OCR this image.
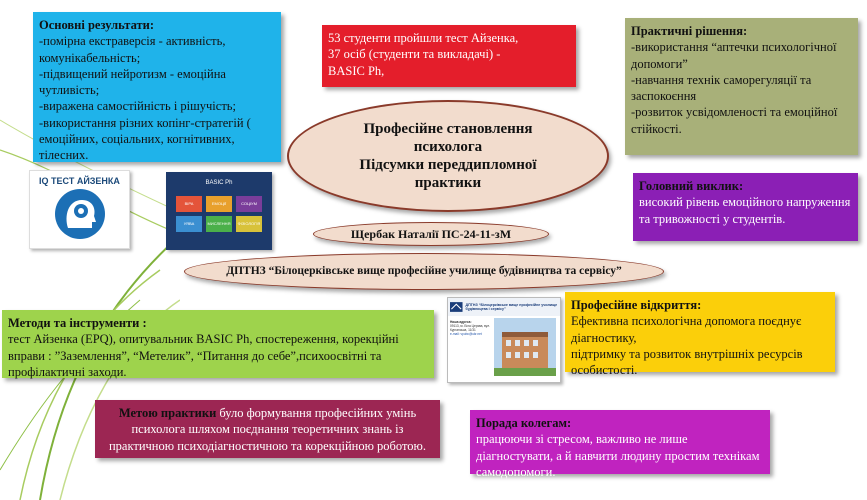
Основні результати:
-помірна екстраверсія - активність, комунікабельність;
-підвищений нейротизм - емоційна чутливість;
-виражена самостійність і рішучість;
-використання різних копінг-стратегій ( емоційних, соціальних, когнітивних, тілесних.
53 студенти пройшли тест Айзенка,
37 осіб (студенти та викладачі) -
BASIC Ph,
Практичні рішення:
-використання “аптечки психологічної допомоги”
-навчання технік саморегуляції та заспокоєння
-розвиток усвідомленості та емоційної стійкості.
Професійне становлення
психолога
Підсумки переддипломної
практики	Головний виклик:
високий рівень емоційного напруження та тривожності у студентів.
IQ ТЕСТ АЙЗЕНКА	BASIC Ph
ВІРА	ЕМОЦІЇ	СОЦІУМ
УЯВА	МИСЛЕННЯ	ФІЗІОЛОГІЯ
Щербак Наталії ПС-24-11-зМ
ДПТНЗ “Білоцерківське вище професійне училище будівництва та сервісу”
Методи та інструменти :
тест Айзенка (EPQ), опитувальник BASIC Ph, спостереження, корекційні вправи : ”Заземлення”, “Метелик”, “Питання до себе”,психоосвітні та профілактичні заходи.
ДПТНЗ “Білоцерківське вище професійне училище будівництва і сервісу”
Наша адреса:
09113, м. Біла Церква, вул. Курганська, 11/31
e-mail: vpubc@ukr.net
Професійне відкриття:
Ефективна психологічна допомога поєднує діагностику,
підтримку та розвиток внутрішніх ресурсів особистості.
Метою практики було формування професійних умінь психолога шляхом поєднання теоретичних знань із практичною психодіагностичною та корекційною роботою.
Порада колегам:
працюючи зі стресом, важливо не лише діагностувати, а й навчити людину простим технікам самодопомоги.
